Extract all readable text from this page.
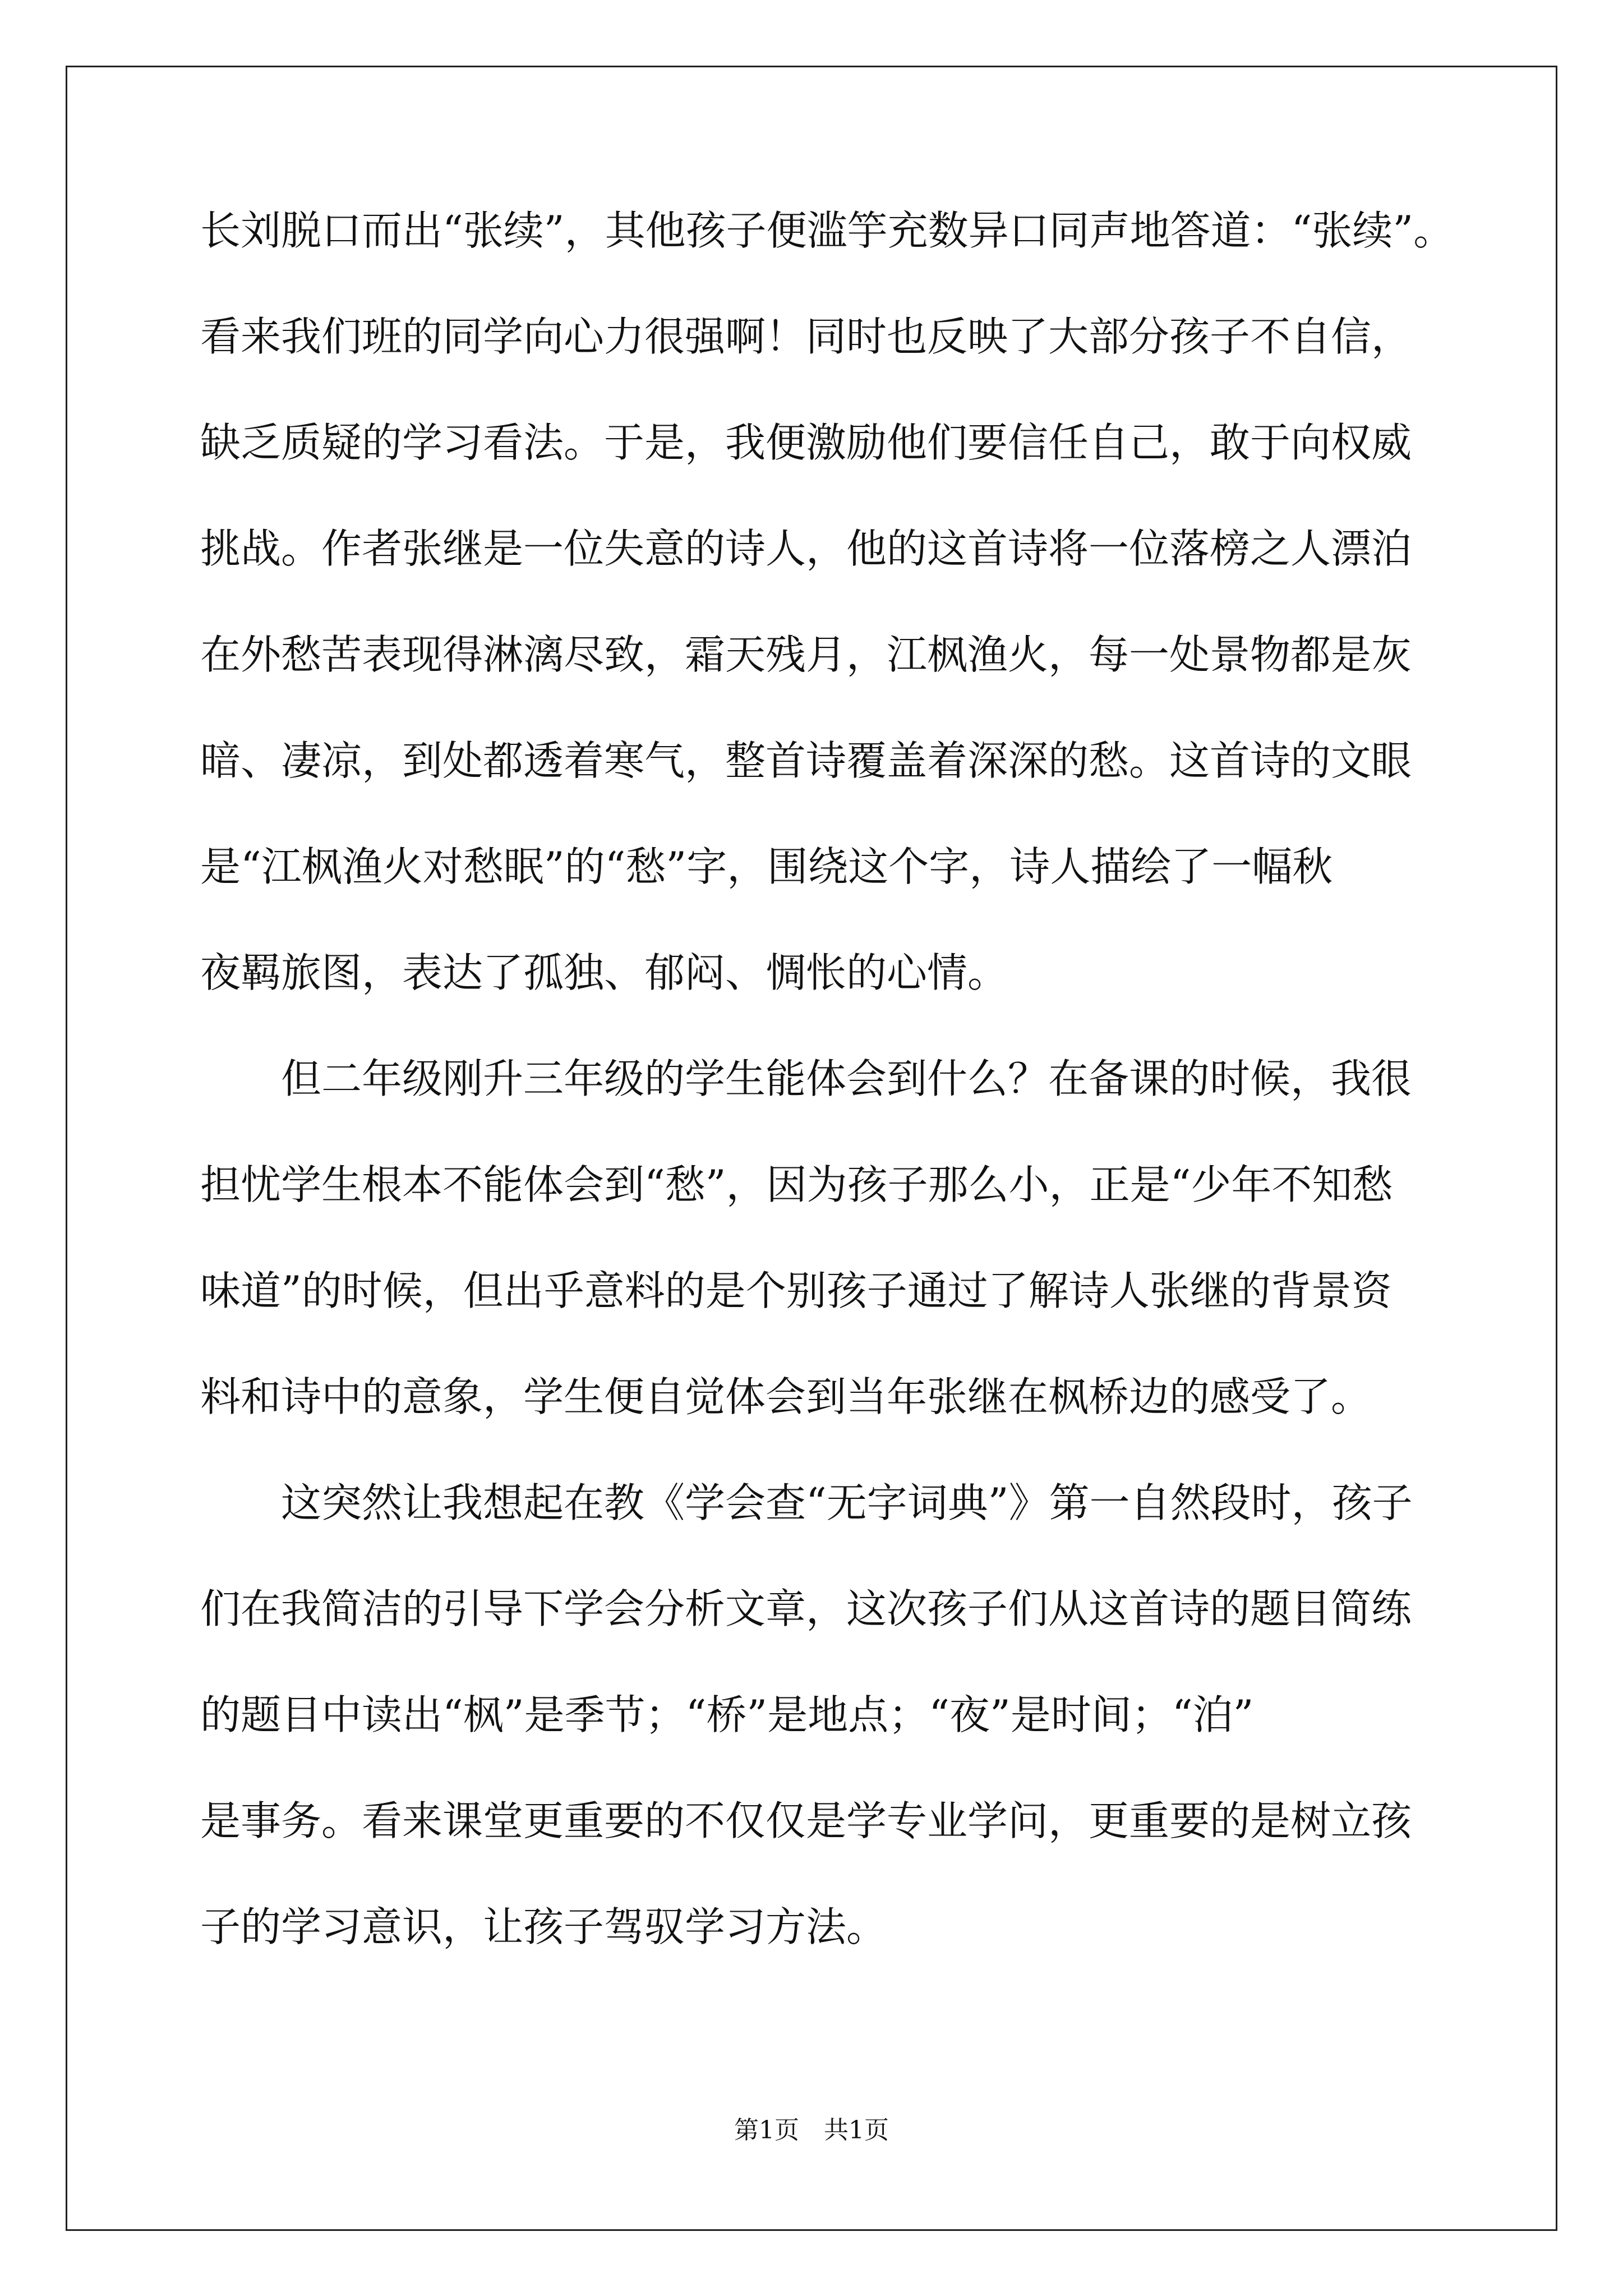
长刘脱口而出“张续”，其他孩子便滥竽充数异口同声地答道：“张续”。
看来我们班的同学向心力很强啊！同时也反映了大部分孩子不自信，
缺乏质疑的学习看法。于是，我便激励他们要信任自己，敢于向权威
挑战。作者张继是一位失意的诗人，他的这首诗将一位落榜之人漂泊
在外愁苦表现得淋漓尽致，霜天残月，江枫渔火，每一处景物都是灰
暗、凄凉，到处都透着寒气，整首诗覆盖着深深的愁。这首诗的文眼
是“江枫渔火对愁眠”的“愁”字，围绕这个字，诗人描绘了一幅秋
夜羁旅图，表达了孤独、郁闷、惆怅的心情。
　　但二年级刚升三年级的学生能体会到什么？在备课的时候，我很
担忧学生根本不能体会到“愁”，因为孩子那么小，正是“少年不知愁
味道”的时候，但出乎意料的是个别孩子通过了解诗人张继的背景资
料和诗中的意象，学生便自觉体会到当年张继在枫桥边的感受了。
　　这突然让我想起在教《学会查“无字词典”》第一自然段时，孩子
们在我简洁的引导下学会分析文章，这次孩子们从这首诗的题目简练
的题目中读出“枫”是季节；“桥”是地点；“夜”是时间；“泊”
是事务。看来课堂更重要的不仅仅是学专业学问，更重要的是树立孩
子的学习意识，让孩子驾驭学习方法。
第1页　共1页
